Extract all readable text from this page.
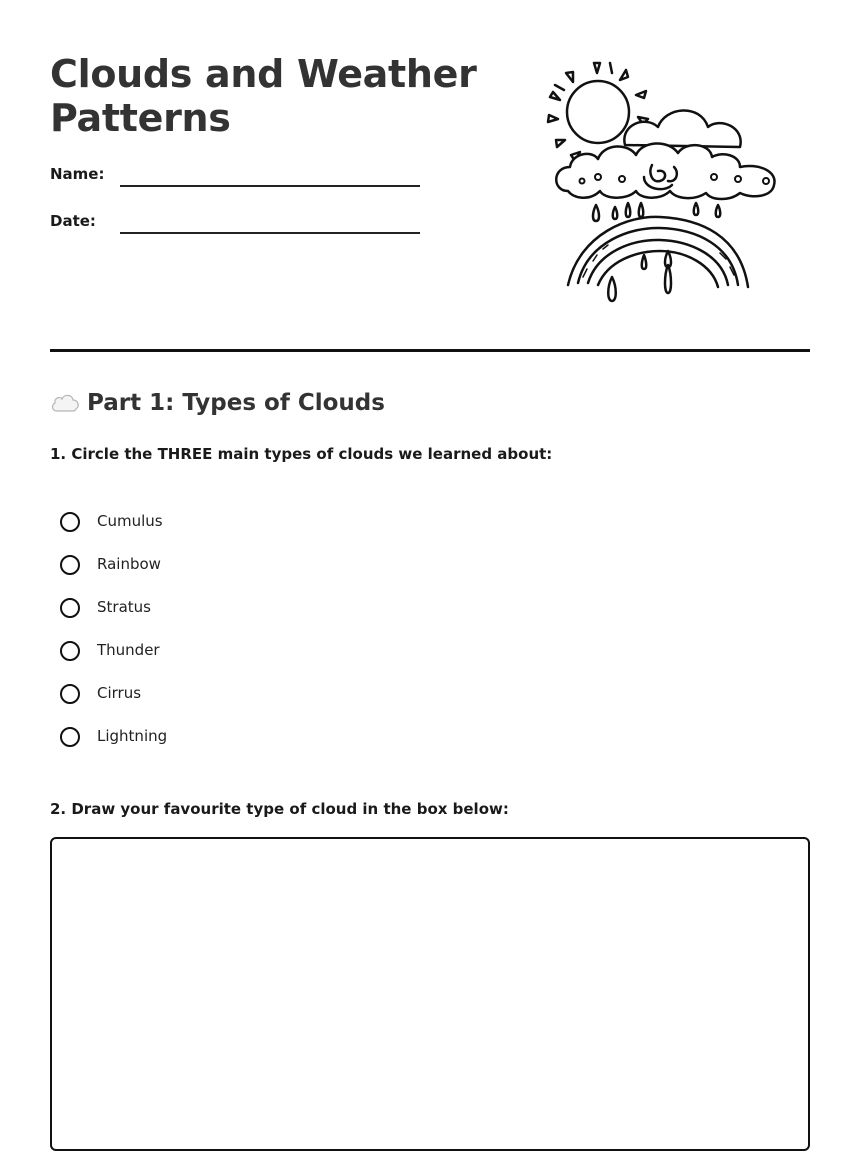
Clouds and Weather Patterns
Name:
Date:
Part 1: Types of Clouds

1. Circle the THREE main types of clouds we learned about:

Cumulus
Rainbow
Stratus
Thunder
Cirrus
Lightning

2. Draw your favourite type of cloud in the box below:
